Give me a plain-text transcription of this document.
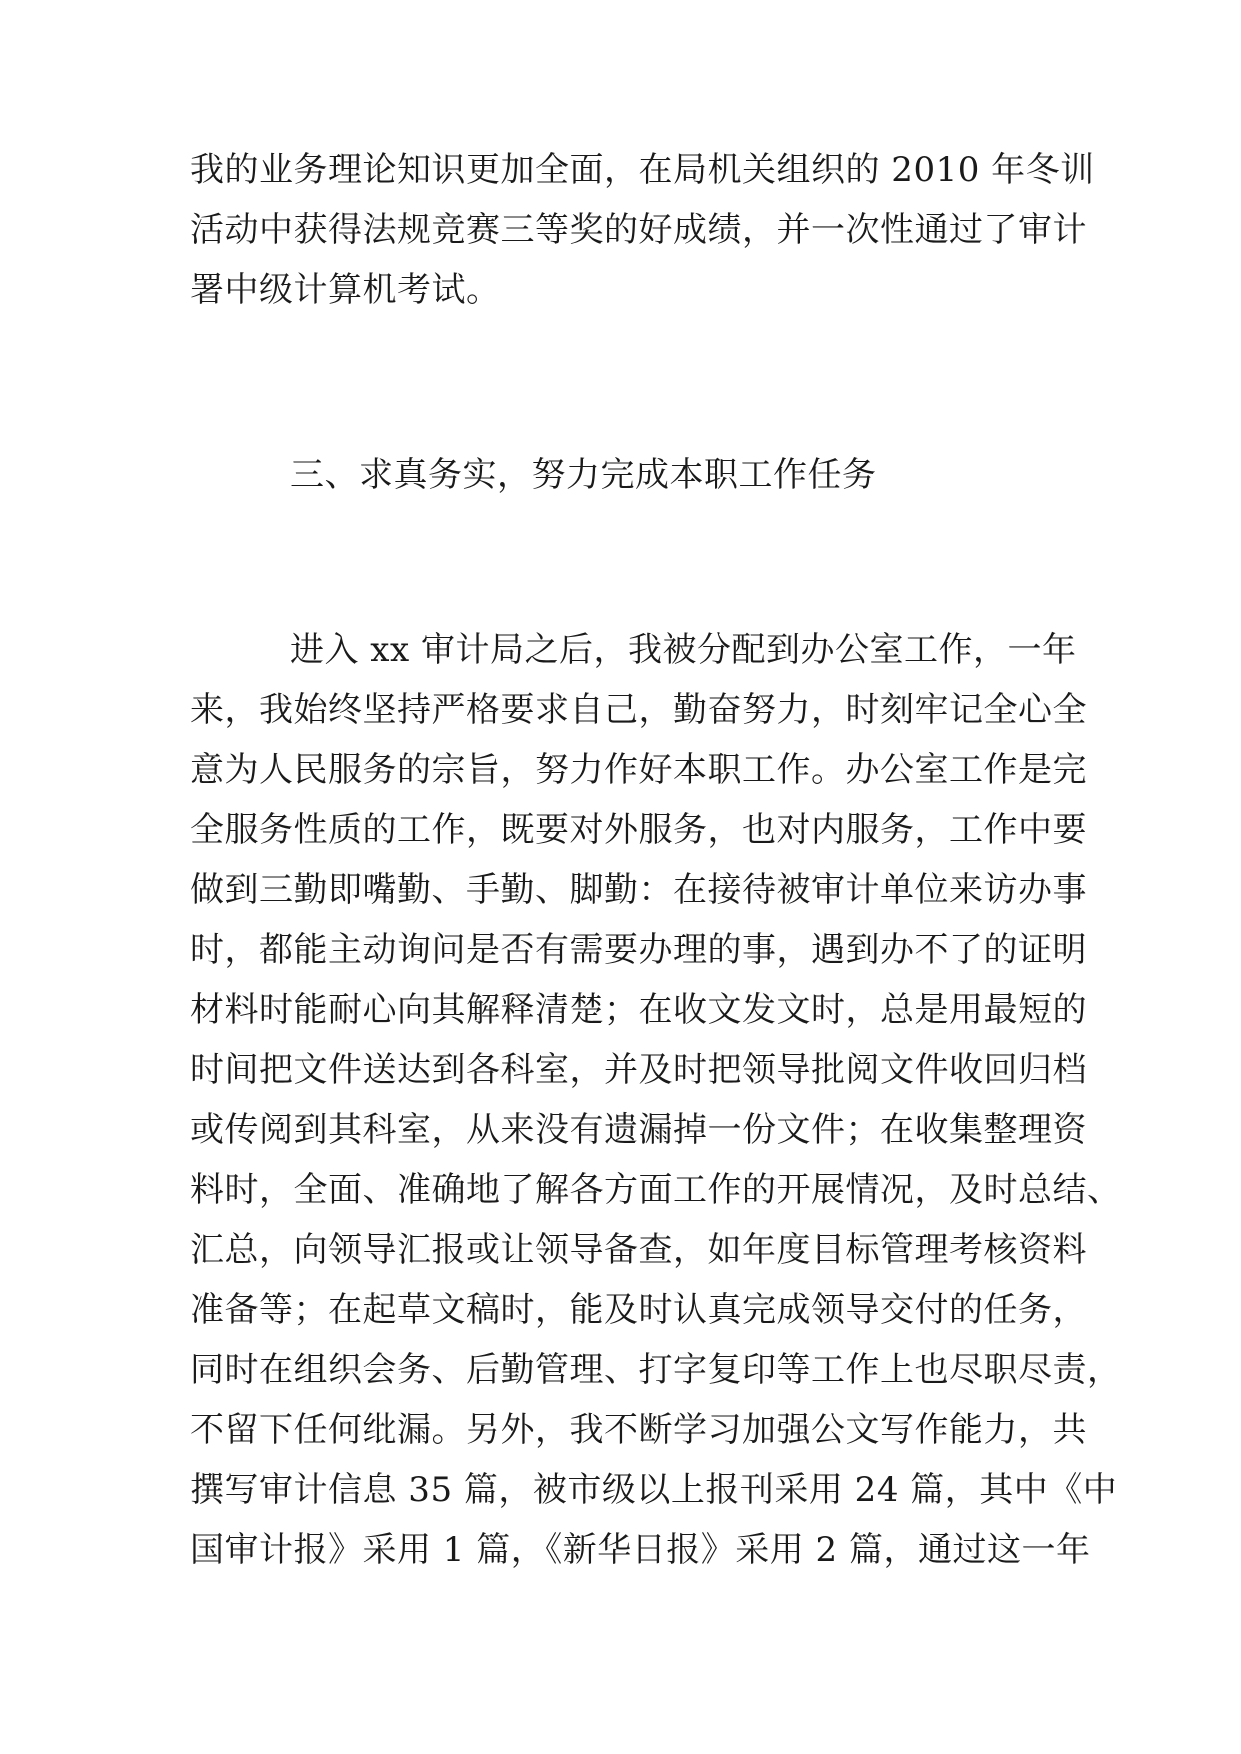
我的业务理论知识更加全面，在局机关组织的 2010 年冬训
活动中获得法规竞赛三等奖的好成绩，并一次性通过了审计
署中级计算机考试。
三、求真务实，努力完成本职工作任务
进入 xx 审计局之后，我被分配到办公室工作，一年
来，我始终坚持严格要求自己，勤奋努力，时刻牢记全心全
意为人民服务的宗旨，努力作好本职工作。办公室工作是完
全服务性质的工作，既要对外服务，也对内服务，工作中要
做到三勤即嘴勤、手勤、脚勤：在接待被审计单位来访办事
时，都能主动询问是否有需要办理的事，遇到办不了的证明
材料时能耐心向其解释清楚；在收文发文时，总是用最短的
时间把文件送达到各科室，并及时把领导批阅文件收回归档
或传阅到其科室，从来没有遗漏掉一份文件；在收集整理资
料时，全面、准确地了解各方面工作的开展情况，及时总结、
汇总，向领导汇报或让领导备查，如年度目标管理考核资料
准备等；在起草文稿时，能及时认真完成领导交付的任务，
同时在组织会务、后勤管理、打字复印等工作上也尽职尽责，
不留下任何纰漏。另外，我不断学习加强公文写作能力，共
撰写审计信息 35 篇，被市级以上报刊采用 24 篇，其中《中
国审计报》采用 1 篇，《新华日报》采用 2 篇，通过这一年
